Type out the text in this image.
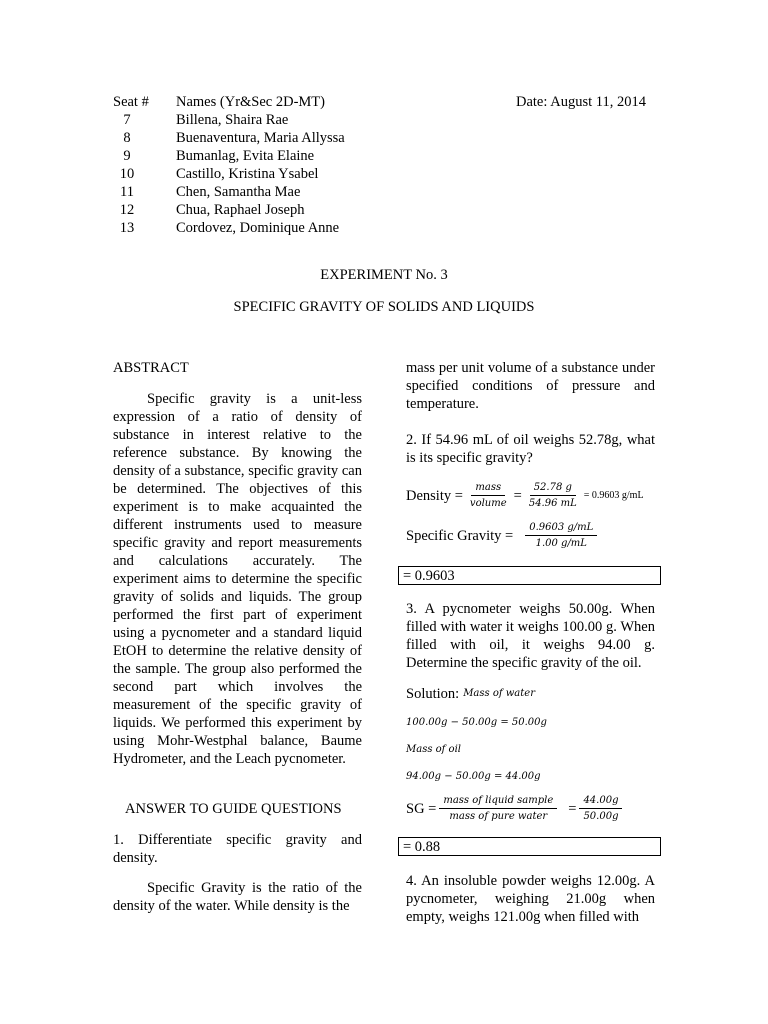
Seat #
7
8
9
10
11
12
13
Names (Yr&Sec 2D-MT)
Billena, Shaira Rae
Buenaventura, Maria Allyssa
Bumanlag, Evita Elaine
Castillo, Kristina Ysabel
Chen, Samantha Mae
Chua, Raphael Joseph
Cordovez, Dominique Anne
Date: August 11, 2014
EXPERIMENT No. 3
SPECIFIC GRAVITY OF SOLIDS AND LIQUIDS
ABSTRACT

Specific gravity is a unit-less expression of a ratio of density of substance in interest relative to the reference substance. By knowing the density of a substance, specific gravity can be determined. The objectives of this experiment is to make acquainted the different instruments used to measure specific gravity and report measurements and calculations accurately. The experiment aims to determine the specific gravity of solids and liquids. The group performed the first part of experiment using a pycnometer and a standard liquid EtOH to determine the relative density of the sample. The group also performed the second part which involves the measurement of the specific gravity of liquids. We performed this experiment by using Mohr-Westphal balance, Baume Hydrometer, and the Leach pycnometer.

ANSWER TO GUIDE QUESTIONS

1. Differentiate specific gravity and density.

Specific Gravity is the ratio of the density of the water. While density is the

mass per unit volume of a substance under specified conditions of pressure and temperature.

2. If 54.96 mL of oil weighs 52.78g, what is its specific gravity?

Density = $\frac{\text{mass}}{\text{volume}} = \frac{52.78 g}{54.96 mL} = 0.9603$ g/mL
Specific Gravity = $\frac{0.9603 g/mL}{1.00 g/mL}$
= 0.9603

3. A pycnometer weighs 50.00g. When filled with water it weighs 100.00 g. When filled with oil, it weighs 94.00 g. Determine the specific gravity of the oil.

Solution: Mass of water
100.00g − 50.00g = 50.00g
Mass of oil
94.00g − 50.00g = 44.00g
SG = $\frac{\text{mass of liquid sample}}{\text{mass of pure water}} = \frac{44.00g}{50.00g}$
= 0.88

4. An insoluble powder weighs 12.00g. A pycnometer, weighing 21.00g when empty, weighs 121.00g when filled with
